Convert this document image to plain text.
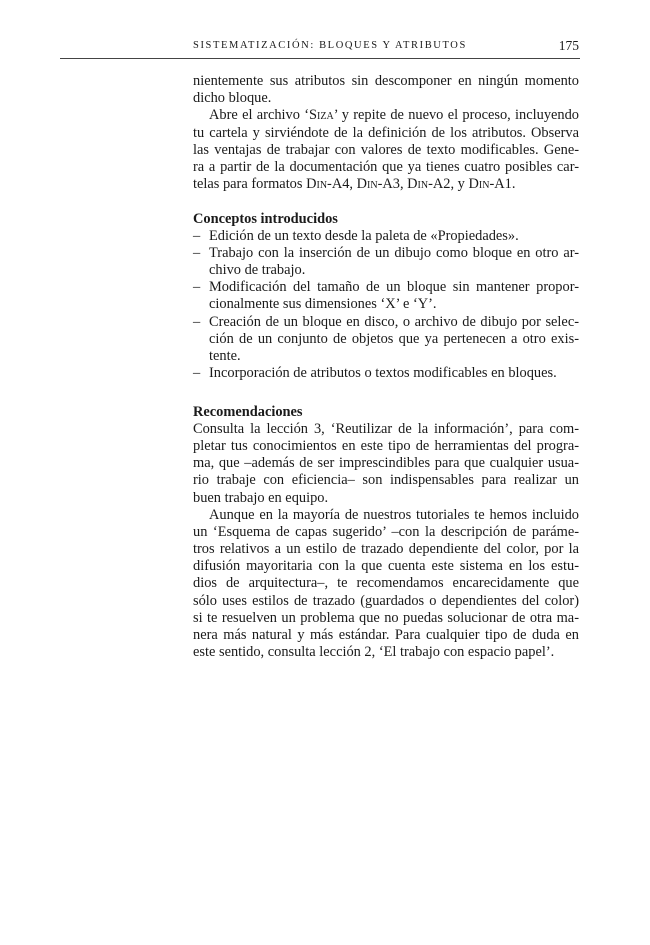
SISTEMATIZACIÓN: BLOQUES Y ATRIBUTOS	175
nientemente sus atributos sin descomponer en ningún momento
dicho bloque.
Abre el archivo ‘Siza’ y repite de nuevo el proceso, incluyendo
tu cartela y sirviéndote de la definición de los atributos. Observa
las ventajas de trabajar con valores de texto modificables. Gene-
ra a partir de la documentación que ya tienes cuatro posibles car-
telas para formatos Din-A4, Din-A3, Din-A2, y Din-A1.
Conceptos introducidos
– Edición de un texto desde la paleta de «Propiedades».
– Trabajo con la inserción de un dibujo como bloque en otro ar-
chivo de trabajo.
– Modificación del tamaño de un bloque sin mantener propor-
cionalmente sus dimensiones ‘X’ e ‘Y’.
– Creación de un bloque en disco, o archivo de dibujo por selec-
ción de un conjunto de objetos que ya pertenecen a otro exis-
tente.
– Incorporación de atributos o textos modificables en bloques.
Recomendaciones
Consulta la lección 3, ‘Reutilizar de la información’, para com-
pletar tus conocimientos en este tipo de herramientas del progra-
ma, que –además de ser imprescindibles para que cualquier usua-
rio trabaje con eficiencia– son indispensables para realizar un
buen trabajo en equipo.
Aunque en la mayoría de nuestros tutoriales te hemos incluido
un ‘Esquema de capas sugerido’ –con la descripción de paráme-
tros relativos a un estilo de trazado dependiente del color, por la
difusión mayoritaria con la que cuenta este sistema en los estu-
dios de arquitectura–, te recomendamos encarecidamente que
sólo uses estilos de trazado (guardados o dependientes del color)
si te resuelven un problema que no puedas solucionar de otra ma-
nera más natural y más estándar. Para cualquier tipo de duda en
este sentido, consulta lección 2, ‘El trabajo con espacio papel’.
